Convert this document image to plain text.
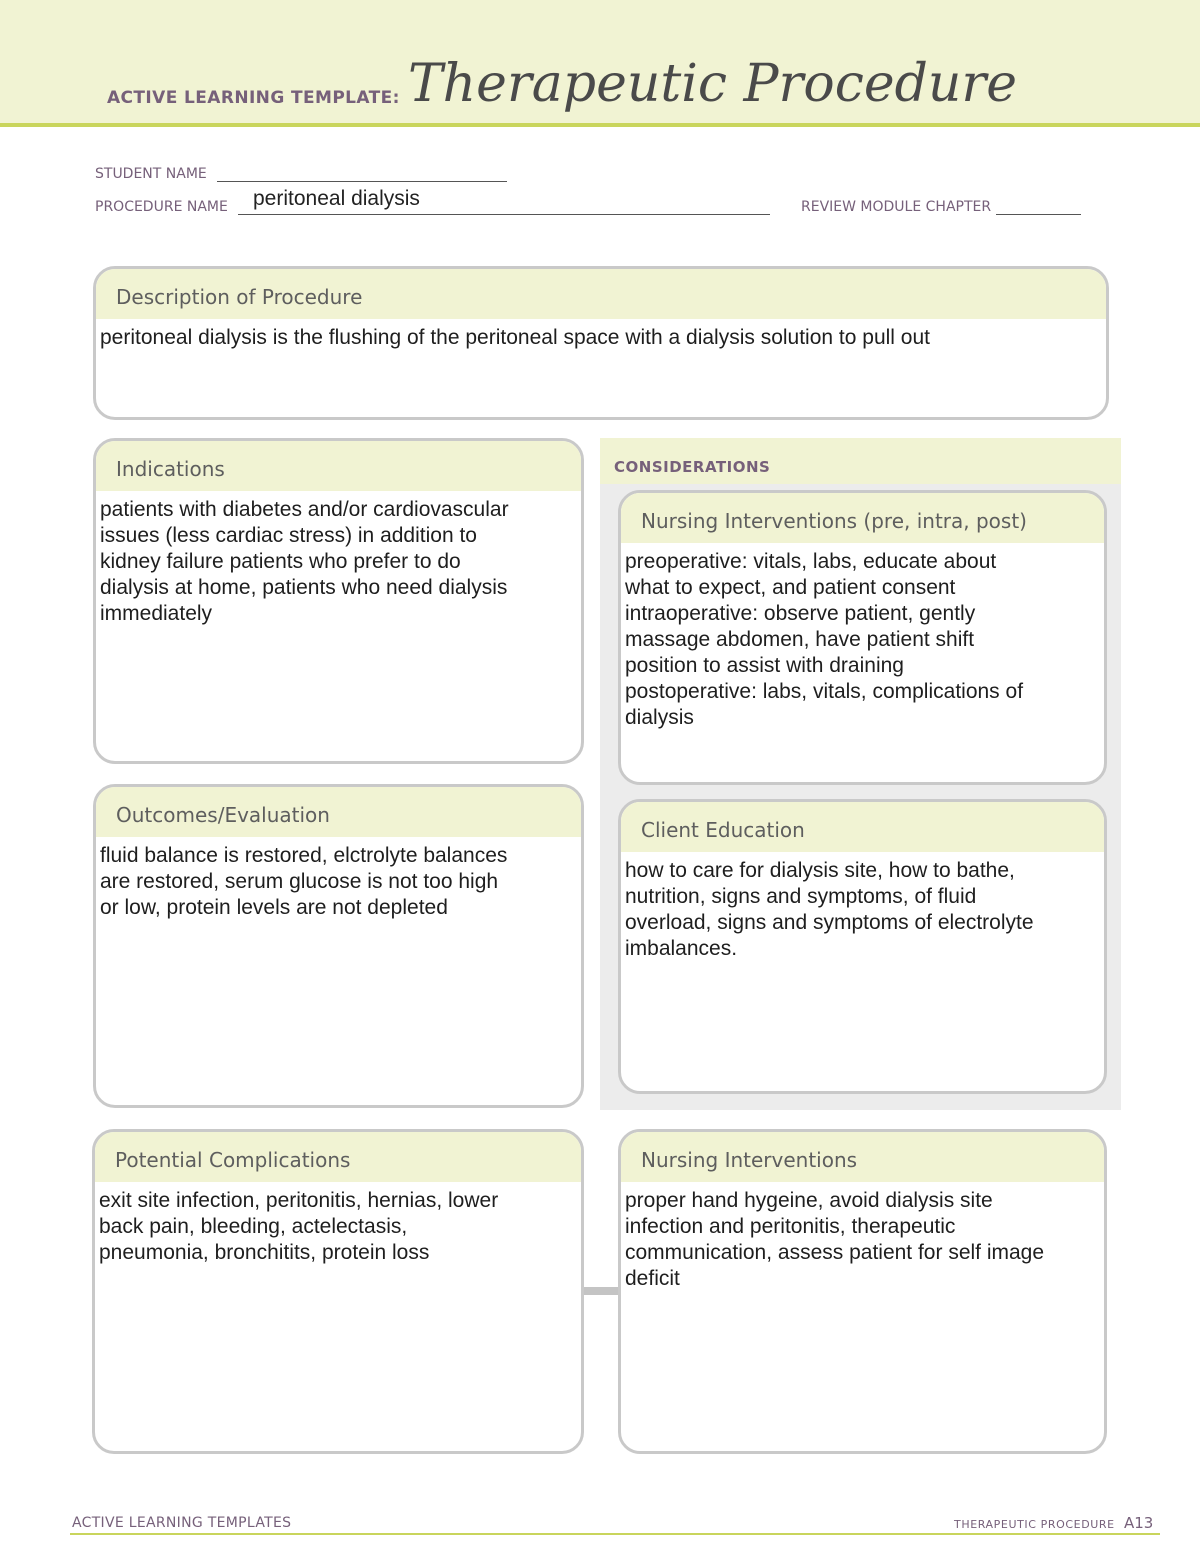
ACTIVE LEARNING TEMPLATE: Therapeutic Procedure
STUDENT NAME
PROCEDURE NAME	peritoneal dialysis	REVIEW MODULE CHAPTER
Description of Procedure
peritoneal dialysis is the flushing of the peritoneal space with a dialysis solution to pull out
CONSIDERATIONS
Indications
patients with diabetes and/or cardiovascular
issues (less cardiac stress) in addition to
kidney failure patients who prefer to do
dialysis at home, patients who need dialysis
immediately
Nursing Interventions (pre, intra, post)
preoperative: vitals, labs, educate about
what to expect, and patient consent
intraoperative: observe patient, gently
massage abdomen, have patient shift
position to assist with draining
postoperative: labs, vitals, complications of
dialysis
Outcomes/Evaluation
fluid balance is restored, elctrolyte balances
are restored, serum glucose is not too high
or low, protein levels are not depleted
Client Education
how to care for dialysis site, how to bathe,
nutrition, signs and symptoms, of fluid
overload, signs and symptoms of electrolyte
imbalances.
Potential Complications
exit site infection, peritonitis, hernias, lower
back pain, bleeding, actelectasis,
pneumonia, bronchitits, protein loss
Nursing Interventions
proper hand hygeine, avoid dialysis site
infection and peritonitis, therapeutic
communication, assess patient for self image
deficit
ACTIVE LEARNING TEMPLATES	THERAPEUTIC PROCEDURE A13
